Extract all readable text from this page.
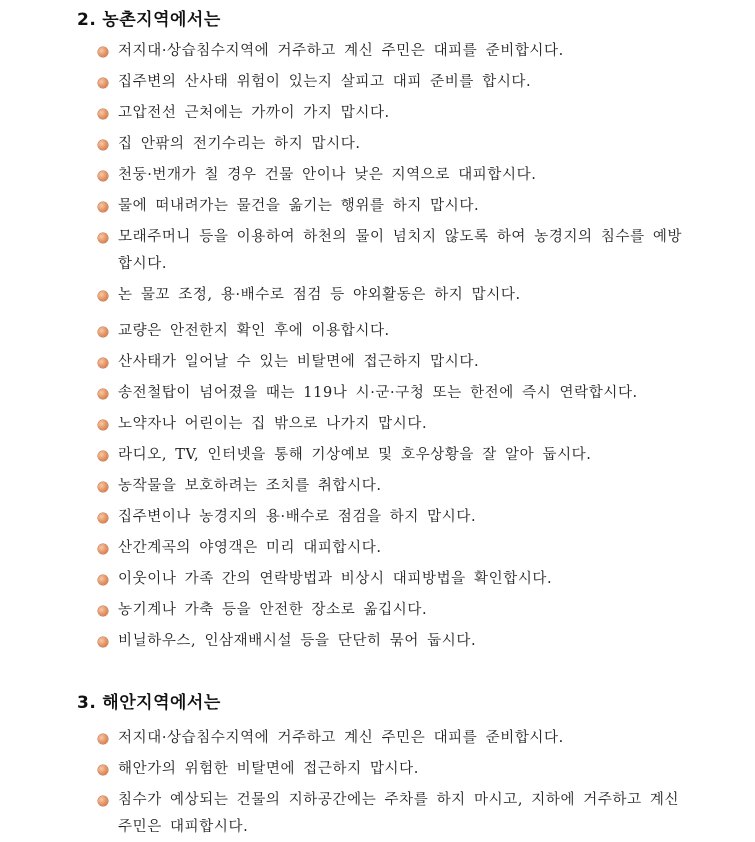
2. 농촌지역에서는
저지대·상습침수지역에 거주하고 계신 주민은 대피를 준비합시다.
집주변의 산사태 위험이 있는지 살피고 대피 준비를 합시다.
고압전선 근처에는 가까이 가지 맙시다.
집 안팎의 전기수리는 하지 맙시다.
천둥·번개가 칠 경우 건물 안이나 낮은 지역으로 대피합시다.
물에 떠내려가는 물건을 옮기는 행위를 하지 맙시다.
모래주머니 등을 이용하여 하천의 물이 넘치지 않도록 하여 농경지의 침수를 예방합시다.
논 물꼬 조정, 용·배수로 점검 등 야외활동은 하지 맙시다.
교량은 안전한지 확인 후에 이용합시다.
산사태가 일어날 수 있는 비탈면에 접근하지 맙시다.
송전철탑이 넘어졌을 때는 119나 시·군·구청 또는 한전에 즉시 연락합시다.
노약자나 어린이는 집 밖으로 나가지 맙시다.
라디오, TV, 인터넷을 통해 기상예보 및 호우상황을 잘 알아 둡시다.
농작물을 보호하려는 조치를 취합시다.
집주변이나 농경지의 용·배수로 점검을 하지 맙시다.
산간계곡의 야영객은 미리 대피합시다.
이웃이나 가족 간의 연락방법과 비상시 대피방법을 확인합시다.
농기계나 가축 등을 안전한 장소로 옮깁시다.
비닐하우스, 인삼재배시설 등을 단단히 묶어 둡시다.
3. 해안지역에서는
저지대·상습침수지역에 거주하고 계신 주민은 대피를 준비합시다.
해안가의 위험한 비탈면에 접근하지 맙시다.
침수가 예상되는 건물의 지하공간에는 주차를 하지 마시고, 지하에 거주하고 계신 주민은 대피합시다.
